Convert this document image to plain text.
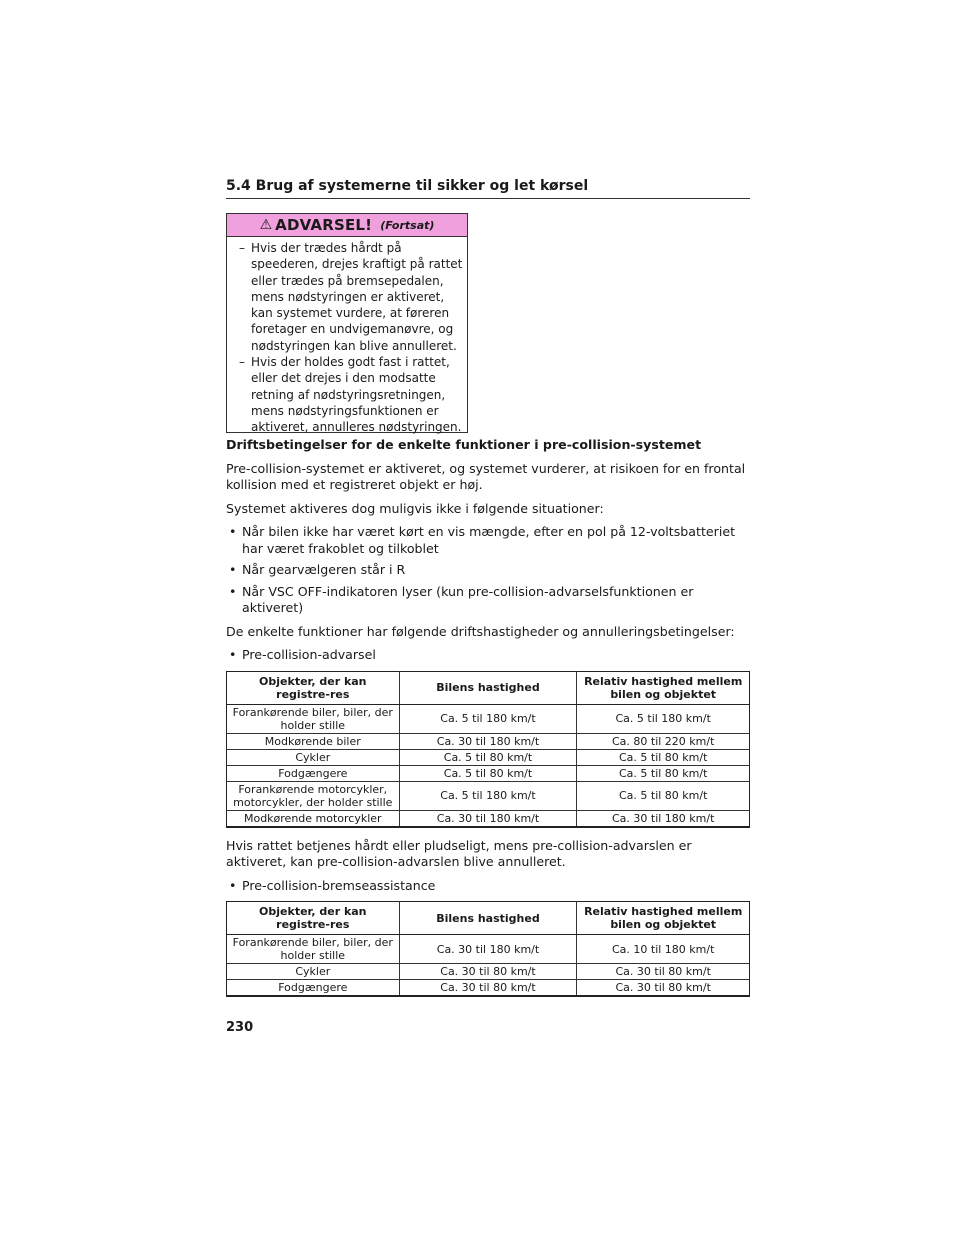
5.4 Brug af systemerne til sikker og let kørsel
⚠ ADVARSEL! (Fortsat)
– Hvis der trædes hårdt på speederen, drejes kraftigt på rattet eller trædes på bremsepedalen, mens nødstyringen er aktiveret, kan systemet vurdere, at føreren foretager en undvigemanøvre, og nødstyringen kan blive annulleret.
– Hvis der holdes godt fast i rattet, eller det drejes i den modsatte retning af nødstyringsretningen, mens nødstyringsfunktionen er aktiveret, annulleres nødstyringen.

Driftsbetingelser for de enkelte funktioner i pre-collision-systemet

Pre-collision-systemet er aktiveret, og systemet vurderer, at risikoen for en frontal kollision med et registreret objekt er høj.

Systemet aktiveres dog muligvis ikke i følgende situationer:

• Når bilen ikke har været kørt en vis mængde, efter en pol på 12-voltsbatteriet har været frakoblet og tilkoblet
• Når gearvælgeren står i R
• Når VSC OFF-indikatoren lyser (kun pre-collision-advarselsfunktionen er aktiveret)

De enkelte funktioner har følgende driftshastigheder og annulleringsbetingelser:

• Pre-collision-advarsel
Objekter, der kan registre-res	Bilens hastighed	Relativ hastighed mellem bilen og objektet
Forankørende biler, biler, der holder stille	Ca. 5 til 180 km/t	Ca. 5 til 180 km/t
Modkørende biler	Ca. 30 til 180 km/t	Ca. 80 til 220 km/t
Cykler	Ca. 5 til 80 km/t	Ca. 5 til 80 km/t
Fodgængere	Ca. 5 til 80 km/t	Ca. 5 til 80 km/t
Forankørende motorcykler, motorcykler, der holder stille	Ca. 5 til 180 km/t	Ca. 5 til 80 km/t
Modkørende motorcykler	Ca. 30 til 180 km/t	Ca. 30 til 180 km/t

Hvis rattet betjenes hårdt eller pludseligt, mens pre-collision-advarslen er aktiveret, kan pre-collision-advarslen blive annulleret.

• Pre-collision-bremseassistance
Objekter, der kan registre-res	Bilens hastighed	Relativ hastighed mellem bilen og objektet
Forankørende biler, biler, der holder stille	Ca. 30 til 180 km/t	Ca. 10 til 180 km/t
Cykler	Ca. 30 til 80 km/t	Ca. 30 til 80 km/t
Fodgængere	Ca. 30 til 80 km/t	Ca. 30 til 80 km/t
230
